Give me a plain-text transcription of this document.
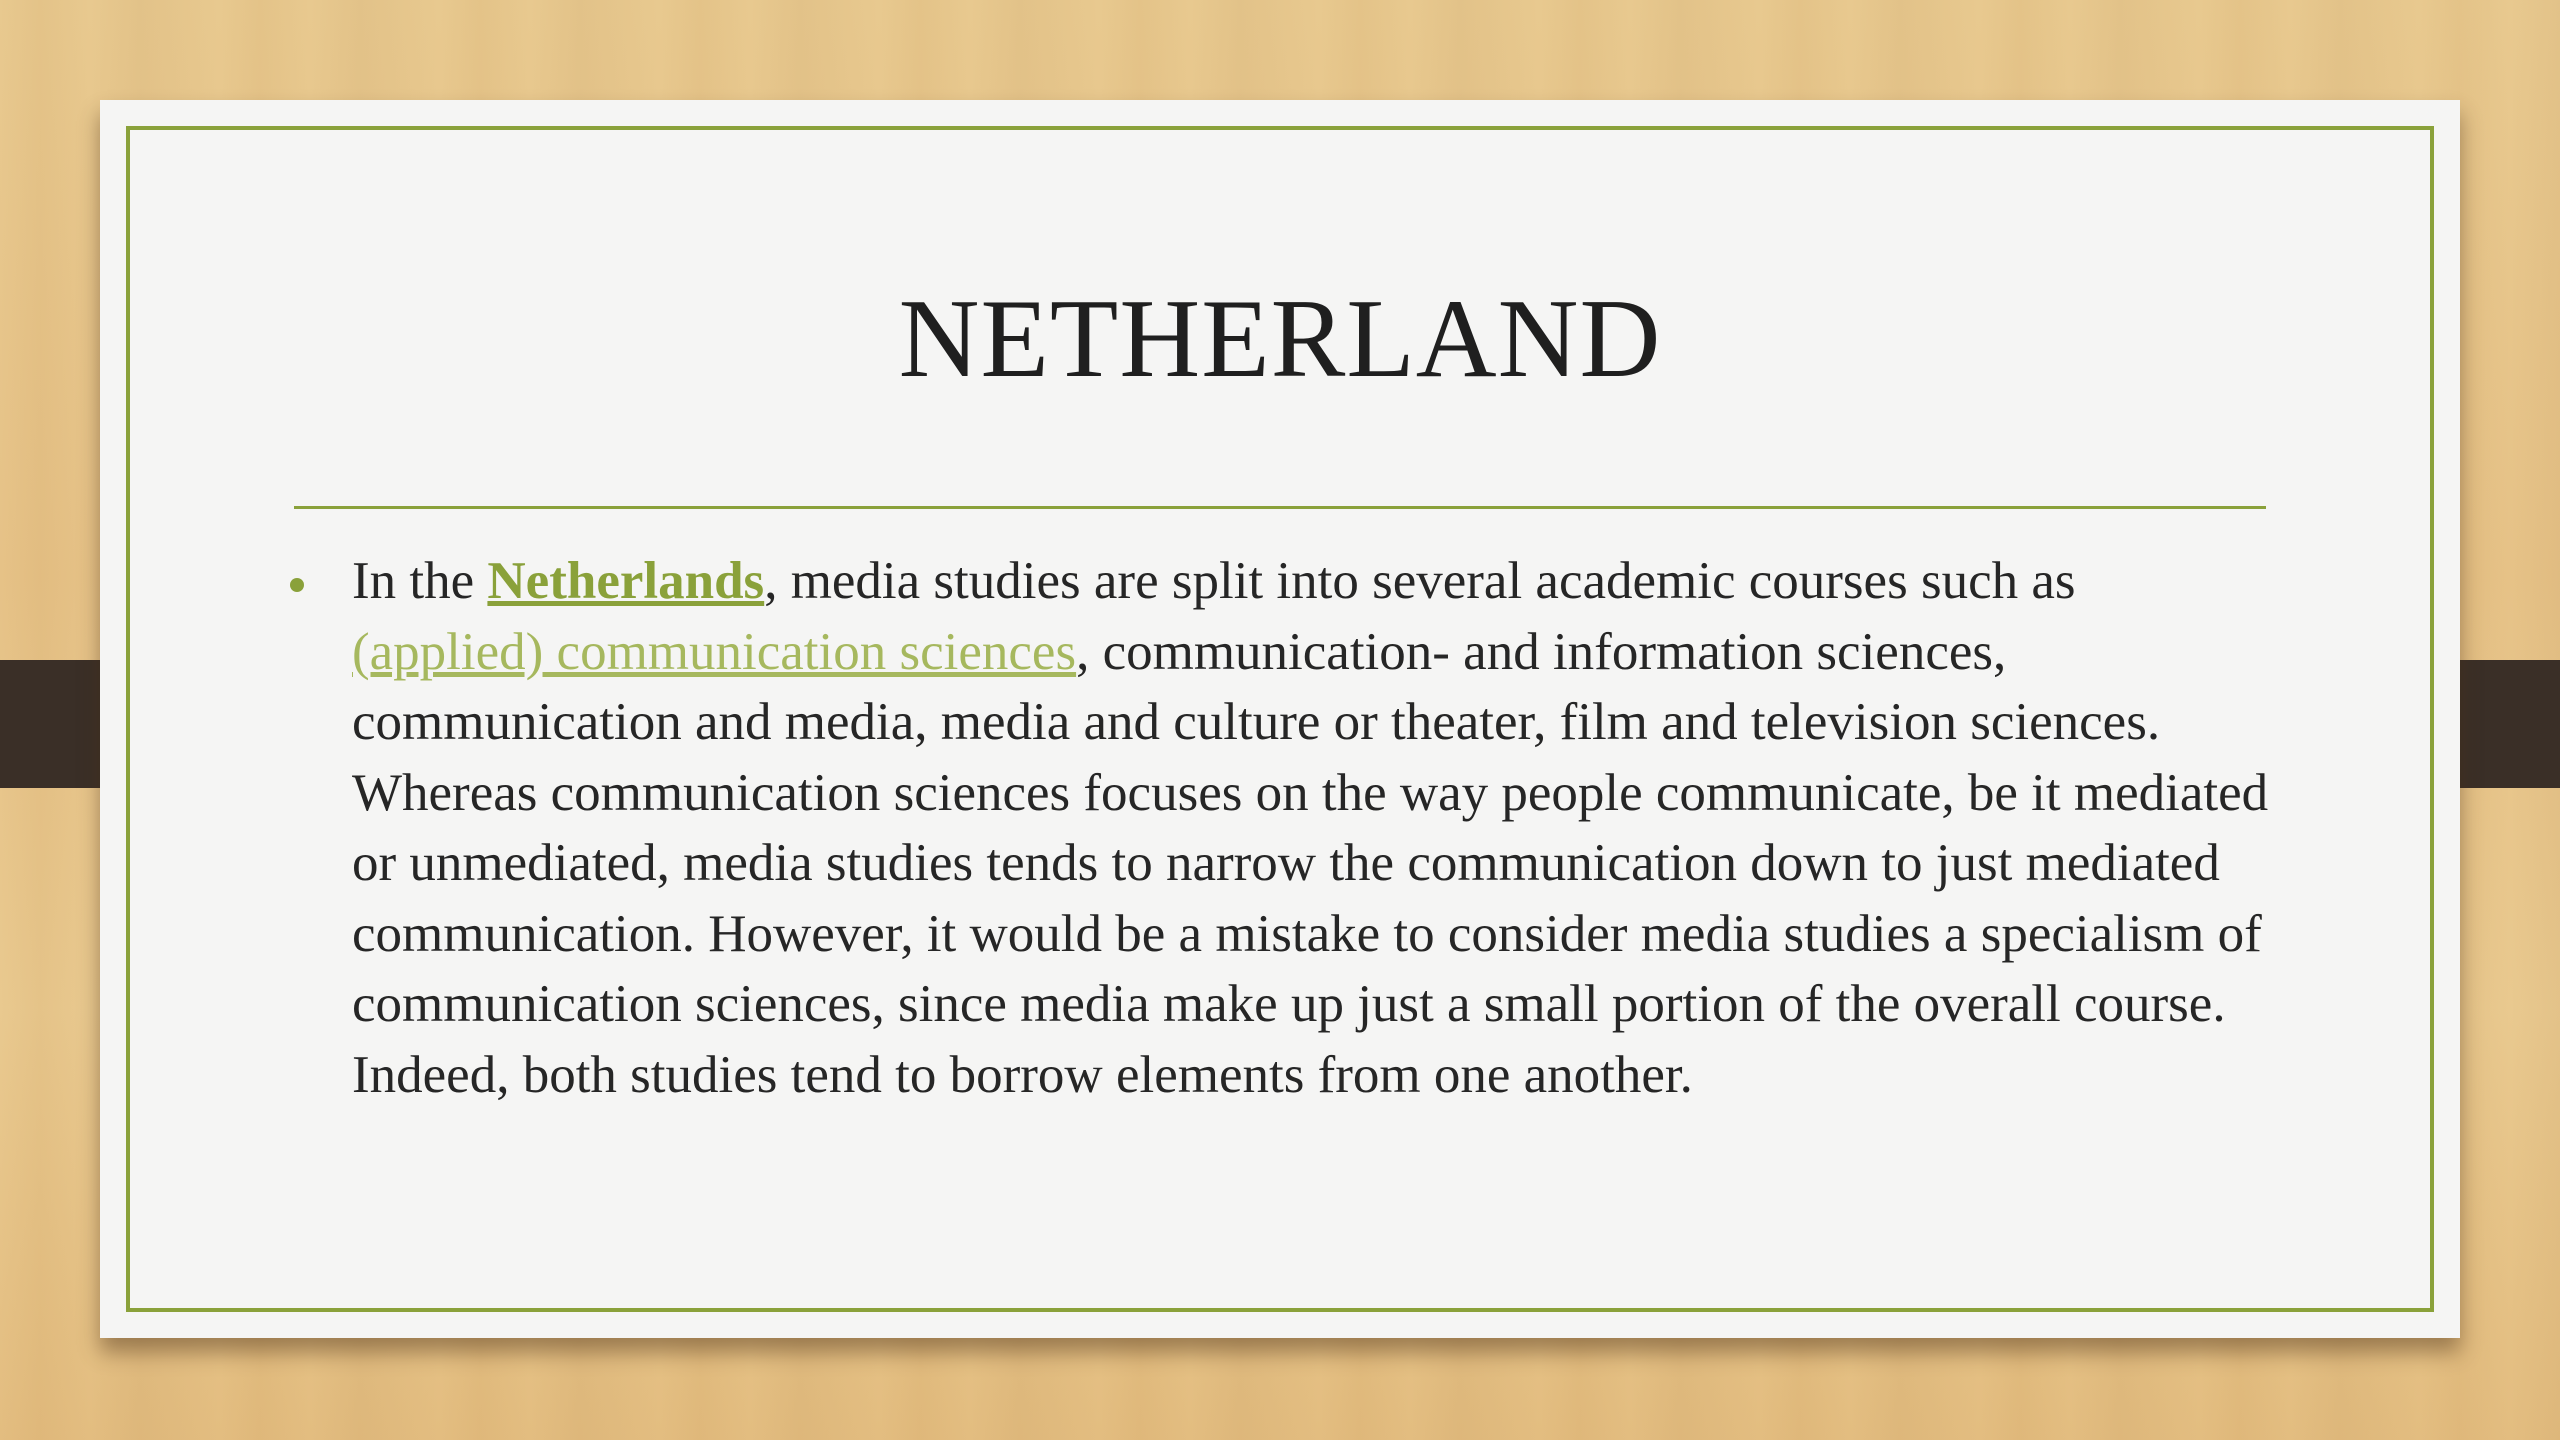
NETHERLAND
In the Netherlands, media studies are split into several academic courses such as (applied) communication sciences, communication- and information sciences, communication and media, media and culture or theater, film and television sciences. Whereas communication sciences focuses on the way people communicate, be it mediated or unmediated, media studies tends to narrow the communication down to just mediated communication. However, it would be a mistake to consider media studies a specialism of communication sciences, since media make up just a small portion of the overall course. Indeed, both studies tend to borrow elements from one another.
